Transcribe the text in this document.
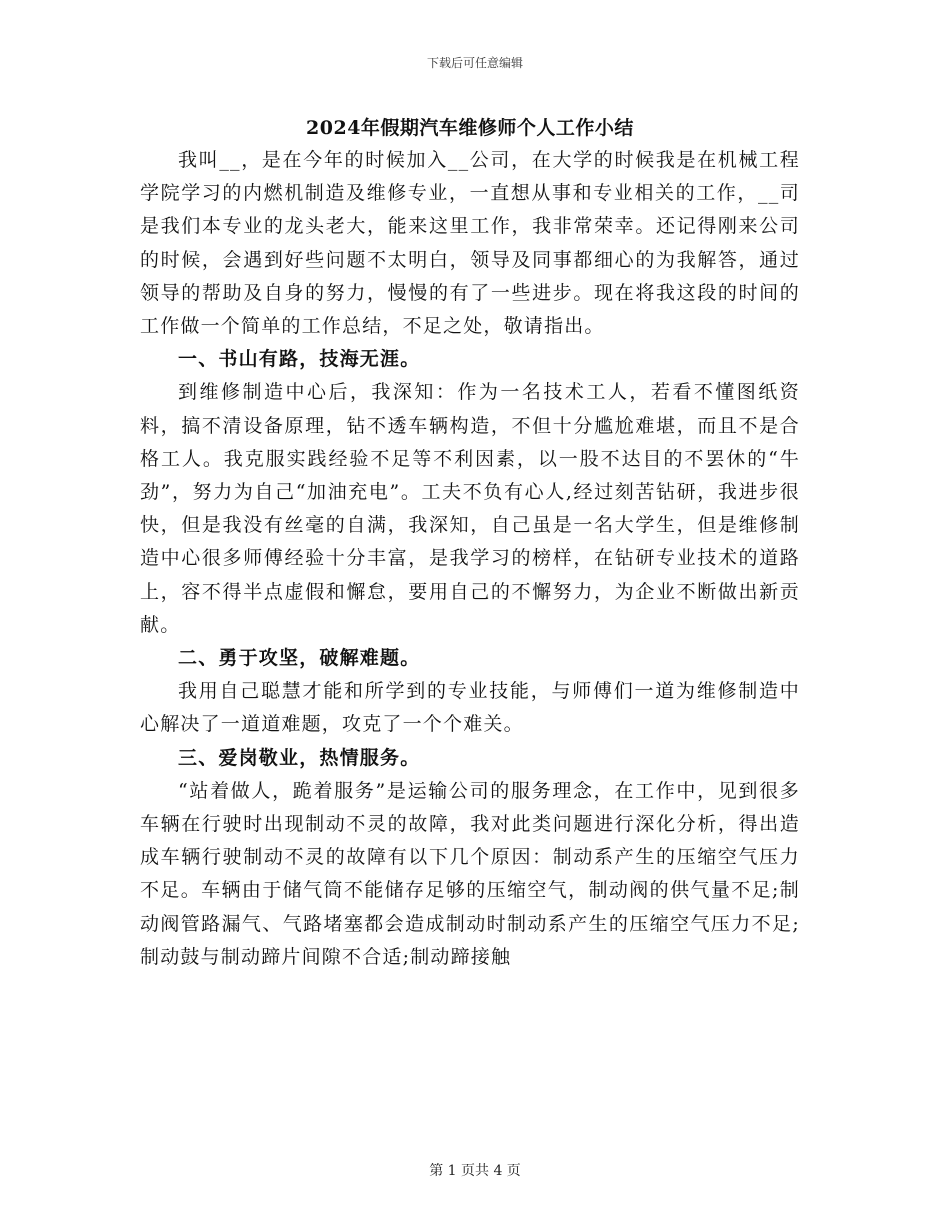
下载后可任意编辑
2024年假期汽车维修师个人工作小结

我叫__，是在今年的时候加入__公司，在大学的时候我是在机械工程学院学习的内燃机制造及维修专业，一直想从事和专业相关的工作，__司是我们本专业的龙头老大，能来这里工作，我非常荣幸。还记得刚来公司的时候，会遇到好些问题不太明白，领导及同事都细心的为我解答，通过领导的帮助及自身的努力，慢慢的有了一些进步。现在将我这段的时间的工作做一个简单的工作总结，不足之处，敬请指出。

一、书山有路，技海无涯。

到维修制造中心后，我深知：作为一名技术工人，若看不懂图纸资料，搞不清设备原理，钻不透车辆构造，不但十分尴尬难堪，而且不是合格工人。我克服实践经验不足等不利因素，以一股不达目的不罢休的“牛劲”，努力为自己“加油充电”。工夫不负有心人,经过刻苦钻研，我进步很快，但是我没有丝毫的自满，我深知，自己虽是一名大学生，但是维修制造中心很多师傅经验十分丰富，是我学习的榜样，在钻研专业技术的道路上，容不得半点虚假和懈怠，要用自己的不懈努力，为企业不断做出新贡献。

二、勇于攻坚，破解难题。

我用自己聪慧才能和所学到的专业技能，与师傅们一道为维修制造中心解决了一道道难题，攻克了一个个难关。

三、爱岗敬业，热情服务。

“站着做人，跪着服务”是运输公司的服务理念，在工作中，见到很多车辆在行驶时出现制动不灵的故障，我对此类问题进行深化分析，得出造成车辆行驶制动不灵的故障有以下几个原因：制动系产生的压缩空气压力不足。车辆由于储气筒不能储存足够的压缩空气，制动阀的供气量不足;制动阀管路漏气、气路堵塞都会造成制动时制动系产生的压缩空气压力不足;制动鼓与制动蹄片间隙不合适;制动蹄接触

第 1 页共 4 页
